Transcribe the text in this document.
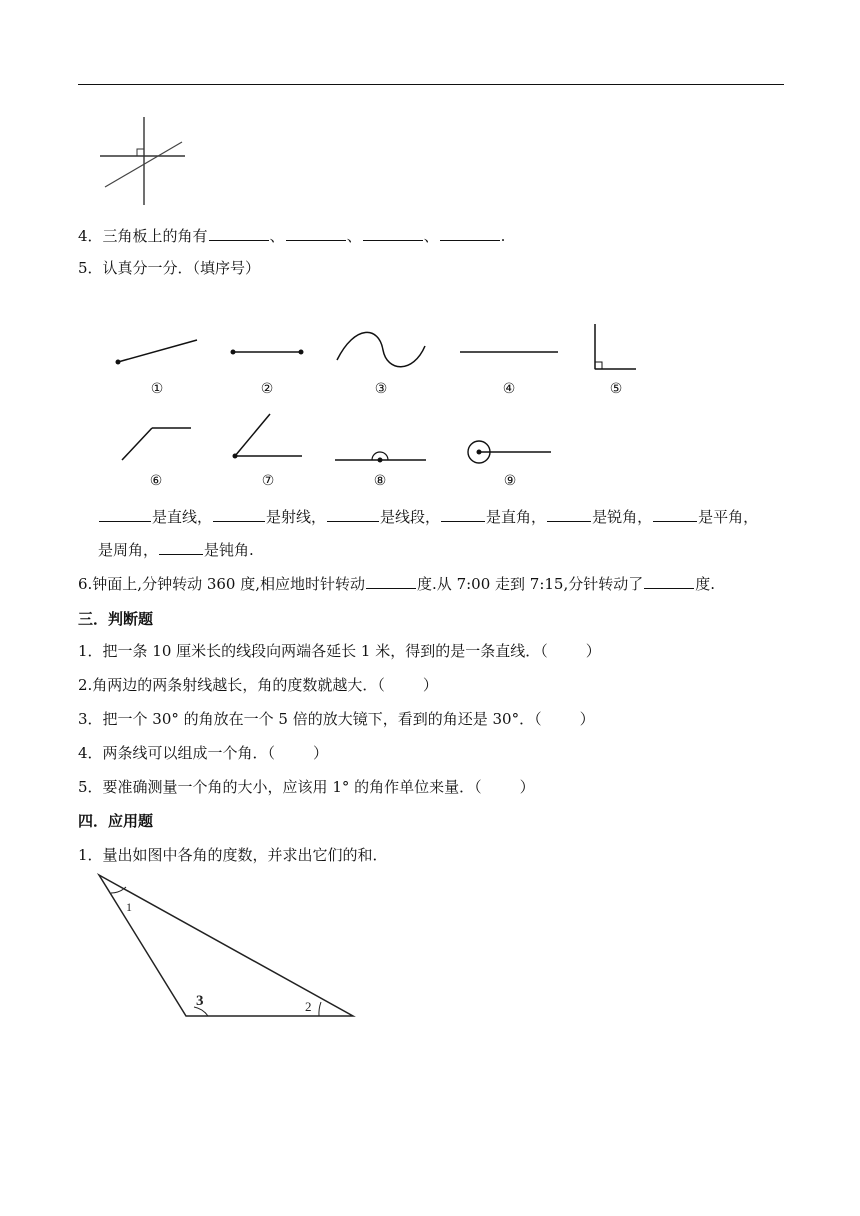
4．三角板上的角有	、	、	、	.
5．认真分一分．（填序号）
①	②	③	④	⑤
⑥	⑦	⑧	⑨
是直线，	是射线，	是线段，	是直角，	是锐角，	是平角，
是周角，	是钝角.
6.钟面上,分钟转动 360 度,相应地时针转动	度.从 7:00 走到 7:15,分针转动了	度.
三．判断题
1．把一条 10 厘米长的线段向两端各延长 1 米，得到的是一条直线．（	）
2.角两边的两条射线越长，角的度数就越大．（	）
3．把一个 30° 的角放在一个 5 倍的放大镜下，看到的角还是 30°．（	）
4．两条线可以组成一个角．（	）
5．要准确测量一个角的大小，应该用 1° 的角作单位来量．（	）
四．应用题
1．量出如图中各角的度数，并求出它们的和．
1
2
3
